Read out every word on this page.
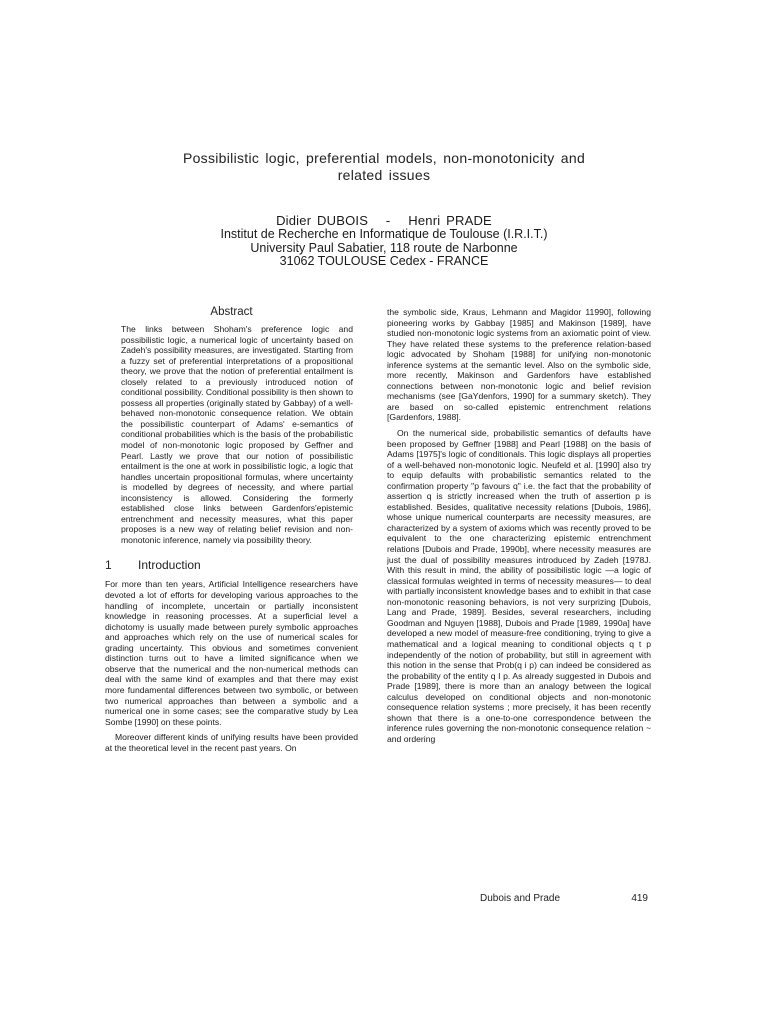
Possibilistic logic, preferential models, non-monotonicity and
related issues
Didier DUBOIS - Henri PRADE
Institut de Recherche en Informatique de Toulouse (I.R.I.T.)
University Paul Sabatier, 118 route de Narbonne
31062 TOULOUSE Cedex - FRANCE
Abstract

The links between Shoham's preference logic and possibilistic logic, a numerical logic of uncertainty based on Zadeh's possibility measures, are investigated. Starting from a fuzzy set of preferential interpretations of a propositional theory, we prove that the notion of preferential entailment is closely related to a previously introduced notion of conditional possibility. Conditional possibility is then shown to possess all properties (originally stated by Gabbay) of a well-behaved non-monotonic consequence relation. We obtain the possibilistic counterpart of Adams' e-semantics of conditional probabilities which is the basis of the probabilistic model of non-monotonic logic proposed by Geffner and Pearl. Lastly we prove that our notion of possibilistic entailment is the one at work in possibilistic logic, a logic that handles uncertain propositional formulas, where uncertainty is modelled by degrees of necessity, and where partial inconsistency is allowed. Considering the formerly established close links between Gardenfors'epistemic entrenchment and necessity measures, what this paper proposes is a new way of relating belief revision and non-monotonic inference, namely via possibility theory.

1 Introduction

For more than ten years, Artificial Intelligence researchers have devoted a lot of efforts for developing various approaches to the handling of incomplete, uncertain or partially inconsistent knowledge in reasoning processes. At a superficial level a dichotomy is usually made between purely symbolic approaches and approaches which rely on the use of numerical scales for grading uncertainty. This obvious and sometimes convenient distinction turns out to have a limited significance when we observe that the numerical and the non-numerical methods can deal with the same kind of examples and that there may exist more fundamental differences between two symbolic, or between two numerical approaches than between a symbolic and a numerical one in some cases; see the comparative study by Lea Sombe [1990] on these points.

Moreover different kinds of unifying results have been provided at the theoretical level in the recent past years. On

the symbolic side, Kraus, Lehmann and Magidor 11990], following pioneering works by Gabbay [1985] and Makinson [1989], have studied non-monotonic logic systems from an axiomatic point of view. They have related these systems to the preference relation-based logic advocated by Shoham [1988] for unifying non-monotonic inference systems at the semantic level. Also on the symbolic side, more recently, Makinson and Gardenfors have established connections between non-monotonic logic and belief revision mechanisms (see [GaYdenfors, 1990] for a summary sketch). They are based on so-called epistemic entrenchment relations [Gardenfors, 1988].

On the numerical side, probabilistic semantics of defaults have been proposed by Geffner [1988] and Pearl [1988] on the basis of Adams [1975]'s logic of conditionals. This logic displays all properties of a well-behaved non-monotonic logic. Neufeld et al. [1990] also try to equip defaults with probabilistic semantics related to the confirmation property "p favours q" i.e. the fact that the probability of assertion q is strictly increased when the truth of assertion p is established. Besides, qualitative necessity relations [Dubois, 1986], whose unique numerical counterparts are necessity measures, are characterized by a system of axioms which was recently proved to be equivalent to the one characterizing epistemic entrenchment relations [Dubois and Prade, 1990b], where necessity measures are just the dual of possibility measures introduced by Zadeh [1978J. With this result in mind, the ability of possibilistic logic —a logic of classical formulas weighted in terms of necessity measures— to deal with partially inconsistent knowledge bases and to exhibit in that case non-monotonic reasoning behaviors, is not very surprizing [Dubois, Lang and Prade, 1989]. Besides, several researchers, including Goodman and Nguyen [1988], Dubois and Prade [1989, 1990a] have developed a new model of measure-free conditioning, trying to give a mathematical and a logical meaning to conditional objects q t p independently of the notion of probability, but still in agreement with this notion in the sense that Prob(q i p) can indeed be considered as the probability of the entity q I p. As already suggested in Dubois and Prade [1989], there is more than an analogy between the logical calculus developed on conditional objects and non-monotonic consequence relation systems ; more precisely, it has been recently shown that there is a one-to-one correspondence between the inference rules governing the non-monotonic consequence relation ~ and ordering

Dubois and Prade	419
